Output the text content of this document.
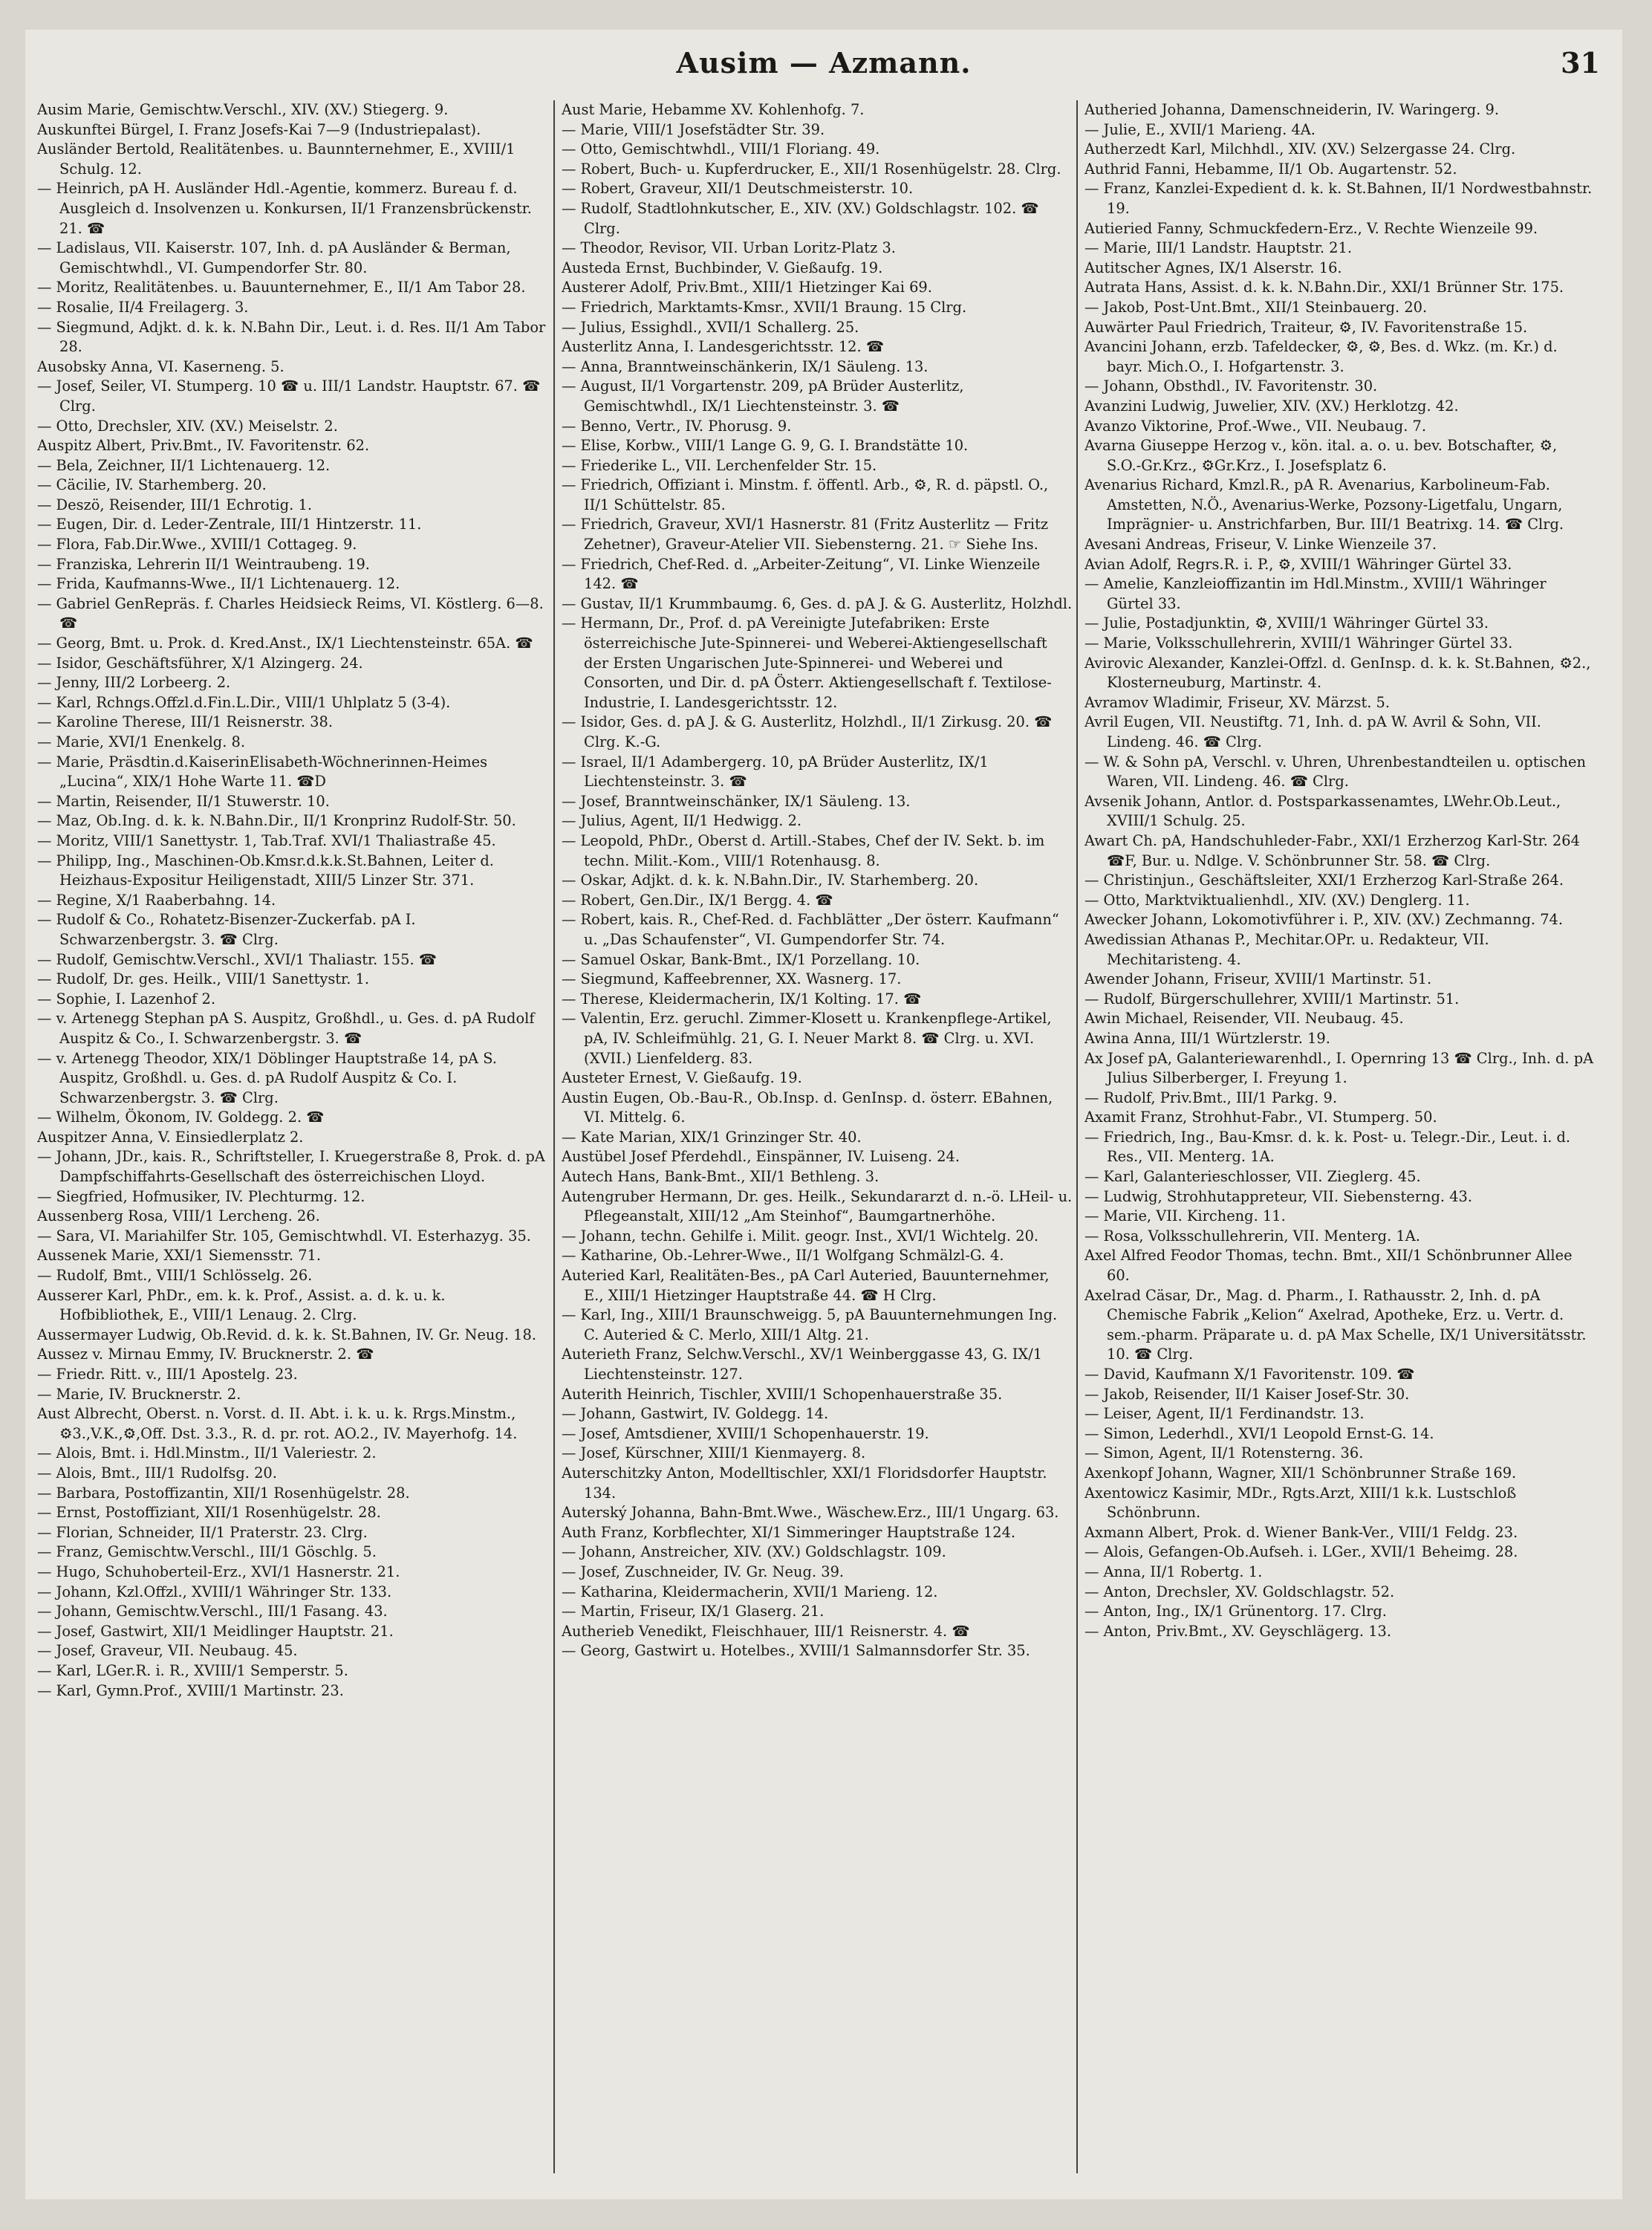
Ausim — Azmann.	31

Ausim Marie, Gemischtw.Verschl., XIV. (XV.) Stiegerg. 9.

Auskunftei Bürgel, I. Franz Josefs-Kai 7—9 (Industriepalast).

Ausländer Bertold, Realitätenbes. u. Baunnternehmer, E., XVIII/1 Schulg. 12.

— Heinrich, pA H. Ausländer Hdl.-Agentie, kommerz. Bureau f. d. Ausgleich d. Insolvenzen u. Konkursen, II/1 Franzensbrückenstr. 21. ☎

— Ladislaus, VII. Kaiserstr. 107, Inh. d. pA Ausländer & Berman, Gemischtwhdl., VI. Gumpendorfer Str. 80.

— Moritz, Realitätenbes. u. Bauunternehmer, E., II/1 Am Tabor 28.

— Rosalie, II/4 Freilagerg. 3.

— Siegmund, Adjkt. d. k. k. N.Bahn Dir., Leut. i. d. Res. II/1 Am Tabor 28.

Ausobsky Anna, VI. Kaserneng. 5.

— Josef, Seiler, VI. Stumperg. 10 ☎ u. III/1 Landstr. Hauptstr. 67. ☎ Clrg.

— Otto, Drechsler, XIV. (XV.) Meiselstr. 2.

Auspitz Albert, Priv.Bmt., IV. Favoritenstr. 62.

— Bela, Zeichner, II/1 Lichtenauerg. 12.

— Cäcilie, IV. Starhemberg. 20.

— Deszö, Reisender, III/1 Echrotig. 1.

— Eugen, Dir. d. Leder-Zentrale, III/1 Hintzerstr. 11.

— Flora, Fab.Dir.Wwe., XVIII/1 Cottageg. 9.

— Franziska, Lehrerin II/1 Weintraubeng. 19.

— Frida, Kaufmanns-Wwe., II/1 Lichtenauerg. 12.

— Gabriel GenRepräs. f. Charles Heidsieck Reims, VI. Köstlerg. 6—8. ☎

— Georg, Bmt. u. Prok. d. Kred.Anst., IX/1 Liechtensteinstr. 65A. ☎

— Isidor, Geschäftsführer, X/1 Alzingerg. 24.

— Jenny, III/2 Lorbeerg. 2.

— Karl, Rchngs.Offzl.d.Fin.L.Dir., VIII/1 Uhlplatz 5 (3-4).

— Karoline Therese, III/1 Reisnerstr. 38.

— Marie, XVI/1 Enenkelg. 8.

— Marie, Präsdtin.d.KaiserinElisabeth-Wöchnerinnen-Heimes „Lucina“, XIX/1 Hohe Warte 11. ☎D

— Martin, Reisender, II/1 Stuwerstr. 10.

— Maz, Ob.Ing. d. k. k. N.Bahn.Dir., II/1 Kronprinz Rudolf-Str. 50.

— Moritz, VIII/1 Sanettystr. 1, Tab.Traf. XVI/1 Thaliastraße 45.

— Philipp, Ing., Maschinen-Ob.Kmsr.d.k.k.St.Bahnen, Leiter d. Heizhaus-Expositur Heiligenstadt, XIII/5 Linzer Str. 371.

— Regine, X/1 Raaberbahng. 14.

— Rudolf & Co., Rohatetz-Bisenzer-Zuckerfab. pA I. Schwarzenbergstr. 3. ☎ Clrg.

— Rudolf, Gemischtw.Verschl., XVI/1 Thaliastr. 155. ☎

— Rudolf, Dr. ges. Heilk., VIII/1 Sanettystr. 1.

— Sophie, I. Lazenhof 2.

— v. Artenegg Stephan pA S. Auspitz, Großhdl., u. Ges. d. pA Rudolf Auspitz & Co., I. Schwarzenbergstr. 3. ☎

— v. Artenegg Theodor, XIX/1 Döblinger Hauptstraße 14, pA S. Auspitz, Großhdl. u. Ges. d. pA Rudolf Auspitz & Co. I. Schwarzenbergstr. 3. ☎ Clrg.

— Wilhelm, Ökonom, IV. Goldegg. 2. ☎

Auspitzer Anna, V. Einsiedlerplatz 2.

— Johann, JDr., kais. R., Schriftsteller, I. Kruegerstraße 8, Prok. d. pA Dampfschiffahrts-Gesellschaft des österreichischen Lloyd.

— Siegfried, Hofmusiker, IV. Plechturmg. 12.

Aussenberg Rosa, VIII/1 Lercheng. 26.

— Sara, VI. Mariahilfer Str. 105, Gemischtwhdl. VI. Esterhazyg. 35.

Aussenek Marie, XXI/1 Siemensstr. 71.

— Rudolf, Bmt., VIII/1 Schlösselg. 26.

Ausserer Karl, PhDr., em. k. k. Prof., Assist. a. d. k. u. k. Hofbibliothek, E., VIII/1 Lenaug. 2. Clrg.

Aussermayer Ludwig, Ob.Revid. d. k. k. St.Bahnen, IV. Gr. Neug. 18.

Aussez v. Mirnau Emmy, IV. Brucknerstr. 2. ☎

— Friedr. Ritt. v., III/1 Apostelg. 23.

— Marie, IV. Brucknerstr. 2.

Aust Albrecht, Oberst. n. Vorst. d. II. Abt. i. k. u. k. Rrgs.Minstm., ⚙3.,V.K.,⚙,Off. Dst. 3.3., R. d. pr. rot. AO.2., IV. Mayerhofg. 14.

— Alois, Bmt. i. Hdl.Minstm., II/1 Valeriestr. 2.

— Alois, Bmt., III/1 Rudolfsg. 20.

— Barbara, Postoffizantin, XII/1 Rosenhügelstr. 28.

— Ernst, Postoffiziant, XII/1 Rosenhügelstr. 28.

— Florian, Schneider, II/1 Praterstr. 23. Clrg.

— Franz, Gemischtw.Verschl., III/1 Göschlg. 5.

— Hugo, Schuhoberteil-Erz., XVI/1 Hasnerstr. 21.

— Johann, Kzl.Offzl., XVIII/1 Währinger Str. 133.

— Johann, Gemischtw.Verschl., III/1 Fasang. 43.

— Josef, Gastwirt, XII/1 Meidlinger Hauptstr. 21.

— Josef, Graveur, VII. Neubaug. 45.

— Karl, LGer.R. i. R., XVIII/1 Semperstr. 5.

— Karl, Gymn.Prof., XVIII/1 Martinstr. 23.

Aust Marie, Hebamme XV. Kohlenhofg. 7.

— Marie, VIII/1 Josefstädter Str. 39.

— Otto, Gemischtwhdl., VIII/1 Floriang. 49.

— Robert, Buch- u. Kupferdrucker, E., XII/1 Rosenhügelstr. 28. Clrg.

— Robert, Graveur, XII/1 Deutschmeisterstr. 10.

— Rudolf, Stadtlohnkutscher, E., XIV. (XV.) Goldschlagstr. 102. ☎ Clrg.

— Theodor, Revisor, VII. Urban Loritz-Platz 3.

Austeda Ernst, Buchbinder, V. Gießaufg. 19.

Austerer Adolf, Priv.Bmt., XIII/1 Hietzinger Kai 69.

— Friedrich, Marktamts-Kmsr., XVII/1 Braung. 15 Clrg.

— Julius, Essighdl., XVII/1 Schallerg. 25.

Austerlitz Anna, I. Landesgerichtsstr. 12. ☎

— Anna, Branntweinschänkerin, IX/1 Säuleng. 13.

— August, II/1 Vorgartenstr. 209, pA Brüder Austerlitz, Gemischtwhdl., IX/1 Liechtensteinstr. 3. ☎

— Benno, Vertr., IV. Phorusg. 9.

— Elise, Korbw., VIII/1 Lange G. 9, G. I. Brandstätte 10.

— Friederike L., VII. Lerchenfelder Str. 15.

— Friedrich, Offiziant i. Minstm. f. öffentl. Arb., ⚙, R. d. päpstl. O., II/1 Schüttelstr. 85.

— Friedrich, Graveur, XVI/1 Hasnerstr. 81 (Fritz Austerlitz — Fritz Zehetner), Graveur-Atelier VII. Siebensterng. 21. ☞ Siehe Ins.

— Friedrich, Chef-Red. d. „Arbeiter-Zeitung“, VI. Linke Wienzeile 142. ☎

— Gustav, II/1 Krummbaumg. 6, Ges. d. pA J. & G. Austerlitz, Holzhdl.

— Hermann, Dr., Prof. d. pA Vereinigte Jutefabriken: Erste österreichische Jute-Spinnerei- und Weberei-Aktiengesellschaft der Ersten Ungarischen Jute-Spinnerei- und Weberei und Consorten, und Dir. d. pA Österr. Aktiengesellschaft f. Textilose-Industrie, I. Landesgerichtsstr. 12.

— Isidor, Ges. d. pA J. & G. Austerlitz, Holzhdl., II/1 Zirkusg. 20. ☎ Clrg. K.-G.

— Israel, II/1 Adambergerg. 10, pA Brüder Austerlitz, IX/1 Liechtensteinstr. 3. ☎

— Josef, Branntweinschänker, IX/1 Säuleng. 13.

— Julius, Agent, II/1 Hedwigg. 2.

— Leopold, PhDr., Oberst d. Artill.-Stabes, Chef der IV. Sekt. b. im techn. Milit.-Kom., VIII/1 Rotenhausg. 8.

— Oskar, Adjkt. d. k. k. N.Bahn.Dir., IV. Starhemberg. 20.

— Robert, Gen.Dir., IX/1 Bergg. 4. ☎

— Robert, kais. R., Chef-Red. d. Fachblätter „Der österr. Kaufmann“ u. „Das Schaufenster“, VI. Gumpendorfer Str. 74.

— Samuel Oskar, Bank-Bmt., IX/1 Porzellang. 10.

— Siegmund, Kaffeebrenner, XX. Wasnerg. 17.

— Therese, Kleidermacherin, IX/1 Kolting. 17. ☎

— Valentin, Erz. geruchl. Zimmer-Klosett u. Krankenpflege-Artikel, pA, IV. Schleifmühlg. 21, G. I. Neuer Markt 8. ☎ Clrg. u. XVI. (XVII.) Lienfelderg. 83.

Austeter Ernest, V. Gießaufg. 19.

Austin Eugen, Ob.-Bau-R., Ob.Insp. d. GenInsp. d. österr. EBahnen, VI. Mittelg. 6.

— Kate Marian, XIX/1 Grinzinger Str. 40.

Austübel Josef Pferdehdl., Einspänner, IV. Luiseng. 24.

Autech Hans, Bank-Bmt., XII/1 Bethleng. 3.

Autengruber Hermann, Dr. ges. Heilk., Sekundararzt d. n.-ö. LHeil- u. Pflegeanstalt, XIII/12 „Am Steinhof“, Baumgartnerhöhe.

— Johann, techn. Gehilfe i. Milit. geogr. Inst., XVI/1 Wichtelg. 20.

— Katharine, Ob.-Lehrer-Wwe., II/1 Wolfgang Schmälzl-G. 4.

Auteried Karl, Realitäten-Bes., pA Carl Auteried, Bauunternehmer, E., XIII/1 Hietzinger Hauptstraße 44. ☎ H Clrg.

— Karl, Ing., XIII/1 Braunschweigg. 5, pA Bauunternehmungen Ing. C. Auteried & C. Merlo, XIII/1 Altg. 21.

Auterieth Franz, Selchw.Verschl., XV/1 Weinberggasse 43, G. IX/1 Liechtensteinstr. 127.

Auterith Heinrich, Tischler, XVIII/1 Schopenhauerstraße 35.

— Johann, Gastwirt, IV. Goldegg. 14.

— Josef, Amtsdiener, XVIII/1 Schopenhauerstr. 19.

— Josef, Kürschner, XIII/1 Kienmayerg. 8.

Auterschitzky Anton, Modelltischler, XXI/1 Floridsdorfer Hauptstr. 134.

Auterský Johanna, Bahn-Bmt.Wwe., Wäschew.Erz., III/1 Ungarg. 63.

Auth Franz, Korbflechter, XI/1 Simmeringer Hauptstraße 124.

— Johann, Anstreicher, XIV. (XV.) Goldschlagstr. 109.

— Josef, Zuschneider, IV. Gr. Neug. 39.

— Katharina, Kleidermacherin, XVII/1 Marieng. 12.

— Martin, Friseur, IX/1 Glaserg. 21.

Autherieb Venedikt, Fleischhauer, III/1 Reisnerstr. 4. ☎

— Georg, Gastwirt u. Hotelbes., XVIII/1 Salmannsdorfer Str. 35.

Autheried Johanna, Damenschneiderin, IV. Waringerg. 9.

— Julie, E., XVII/1 Marieng. 4A.

Autherzedt Karl, Milchhdl., XIV. (XV.) Selzergasse 24. Clrg.

Authrid Fanni, Hebamme, II/1 Ob. Augartenstr. 52.

— Franz, Kanzlei-Expedient d. k. k. St.Bahnen, II/1 Nordwestbahnstr. 19.

Autieried Fanny, Schmuckfedern-Erz., V. Rechte Wienzeile 99.

— Marie, III/1 Landstr. Hauptstr. 21.

Autitscher Agnes, IX/1 Alserstr. 16.

Autrata Hans, Assist. d. k. k. N.Bahn.Dir., XXI/1 Brünner Str. 175.

— Jakob, Post-Unt.Bmt., XII/1 Steinbauerg. 20.

Auwärter Paul Friedrich, Traiteur, ⚙, IV. Favoritenstraße 15.

Avancini Johann, erzb. Tafeldecker, ⚙, ⚙, Bes. d. Wkz. (m. Kr.) d. bayr. Mich.O., I. Hofgartenstr. 3.

— Johann, Obsthdl., IV. Favoritenstr. 30.

Avanzini Ludwig, Juwelier, XIV. (XV.) Herklotzg. 42.

Avanzo Viktorine, Prof.-Wwe., VII. Neubaug. 7.

Avarna Giuseppe Herzog v., kön. ital. a. o. u. bev. Botschafter, ⚙, S.O.-Gr.Krz., ⚙Gr.Krz., I. Josefsplatz 6.

Avenarius Richard, Kmzl.R., pA R. Avenarius, Karbolineum-Fab. Amstetten, N.Ö., Avenarius-Werke, Pozsony-Ligetfalu, Ungarn, Imprägnier- u. Anstrichfarben, Bur. III/1 Beatrixg. 14. ☎ Clrg.

Avesani Andreas, Friseur, V. Linke Wienzeile 37.

Avian Adolf, Regrs.R. i. P., ⚙, XVIII/1 Währinger Gürtel 33.

— Amelie, Kanzleioffizantin im Hdl.Minstm., XVIII/1 Währinger Gürtel 33.

— Julie, Postadjunktin, ⚙, XVIII/1 Währinger Gürtel 33.

— Marie, Volksschullehrerin, XVIII/1 Währinger Gürtel 33.

Avirovic Alexander, Kanzlei-Offzl. d. GenInsp. d. k. k. St.Bahnen, ⚙2., Klosterneuburg, Martinstr. 4.

Avramov Wladimir, Friseur, XV. Märzst. 5.

Avril Eugen, VII. Neustiftg. 71, Inh. d. pA W. Avril & Sohn, VII. Lindeng. 46. ☎ Clrg.

— W. & Sohn pA, Verschl. v. Uhren, Uhrenbestandteilen u. optischen Waren, VII. Lindeng. 46. ☎ Clrg.

Avsenik Johann, Antlor. d. Postsparkassenamtes, LWehr.Ob.Leut., XVIII/1 Schulg. 25.

Awart Ch. pA, Handschuhleder-Fabr., XXI/1 Erzherzog Karl-Str. 264 ☎F, Bur. u. Ndlge. V. Schönbrunner Str. 58. ☎ Clrg.

— Christinjun., Geschäftsleiter, XXI/1 Erzherzog Karl-Straße 264.

— Otto, Marktviktualienhdl., XIV. (XV.) Denglerg. 11.

Awecker Johann, Lokomotivführer i. P., XIV. (XV.) Zechmanng. 74.

Awedissian Athanas P., Mechitar.OPr. u. Redakteur, VII. Mechitaristeng. 4.

Awender Johann, Friseur, XVIII/1 Martinstr. 51.

— Rudolf, Bürgerschullehrer, XVIII/1 Martinstr. 51.

Awin Michael, Reisender, VII. Neubaug. 45.

Awina Anna, III/1 Würtzlerstr. 19.

Ax Josef pA, Galanteriewarenhdl., I. Opernring 13 ☎ Clrg., Inh. d. pA Julius Silberberger, I. Freyung 1.

— Rudolf, Priv.Bmt., III/1 Parkg. 9.

Axamit Franz, Strohhut-Fabr., VI. Stumperg. 50.

— Friedrich, Ing., Bau-Kmsr. d. k. k. Post- u. Telegr.-Dir., Leut. i. d. Res., VII. Menterg. 1A.

— Karl, Galanterieschlosser, VII. Zieglerg. 45.

— Ludwig, Strohhutappreteur, VII. Siebensterng. 43.

— Marie, VII. Kircheng. 11.

— Rosa, Volksschullehrerin, VII. Menterg. 1A.

Axel Alfred Feodor Thomas, techn. Bmt., XII/1 Schönbrunner Allee 60.

Axelrad Cäsar, Dr., Mag. d. Pharm., I. Rathausstr. 2, Inh. d. pA Chemische Fabrik „Kelion“ Axelrad, Apotheke, Erz. u. Vertr. d. sem.-pharm. Präparate u. d. pA Max Schelle, IX/1 Universitätsstr. 10. ☎ Clrg.

— David, Kaufmann X/1 Favoritenstr. 109. ☎

— Jakob, Reisender, II/1 Kaiser Josef-Str. 30.

— Leiser, Agent, II/1 Ferdinandstr. 13.

— Simon, Lederhdl., XVI/1 Leopold Ernst-G. 14.

— Simon, Agent, II/1 Rotensterng. 36.

Axenkopf Johann, Wagner, XII/1 Schönbrunner Straße 169.

Axentowicz Kasimir, MDr., Rgts.Arzt, XIII/1 k.k. Lustschloß Schönbrunn.

Axmann Albert, Prok. d. Wiener Bank-Ver., VIII/1 Feldg. 23.

— Alois, Gefangen-Ob.Aufseh. i. LGer., XVII/1 Beheimg. 28.

— Anna, II/1 Robertg. 1.

— Anton, Drechsler, XV. Goldschlagstr. 52.

— Anton, Ing., IX/1 Grünentorg. 17. Clrg.

— Anton, Priv.Bmt., XV. Geyschlägerg. 13.
